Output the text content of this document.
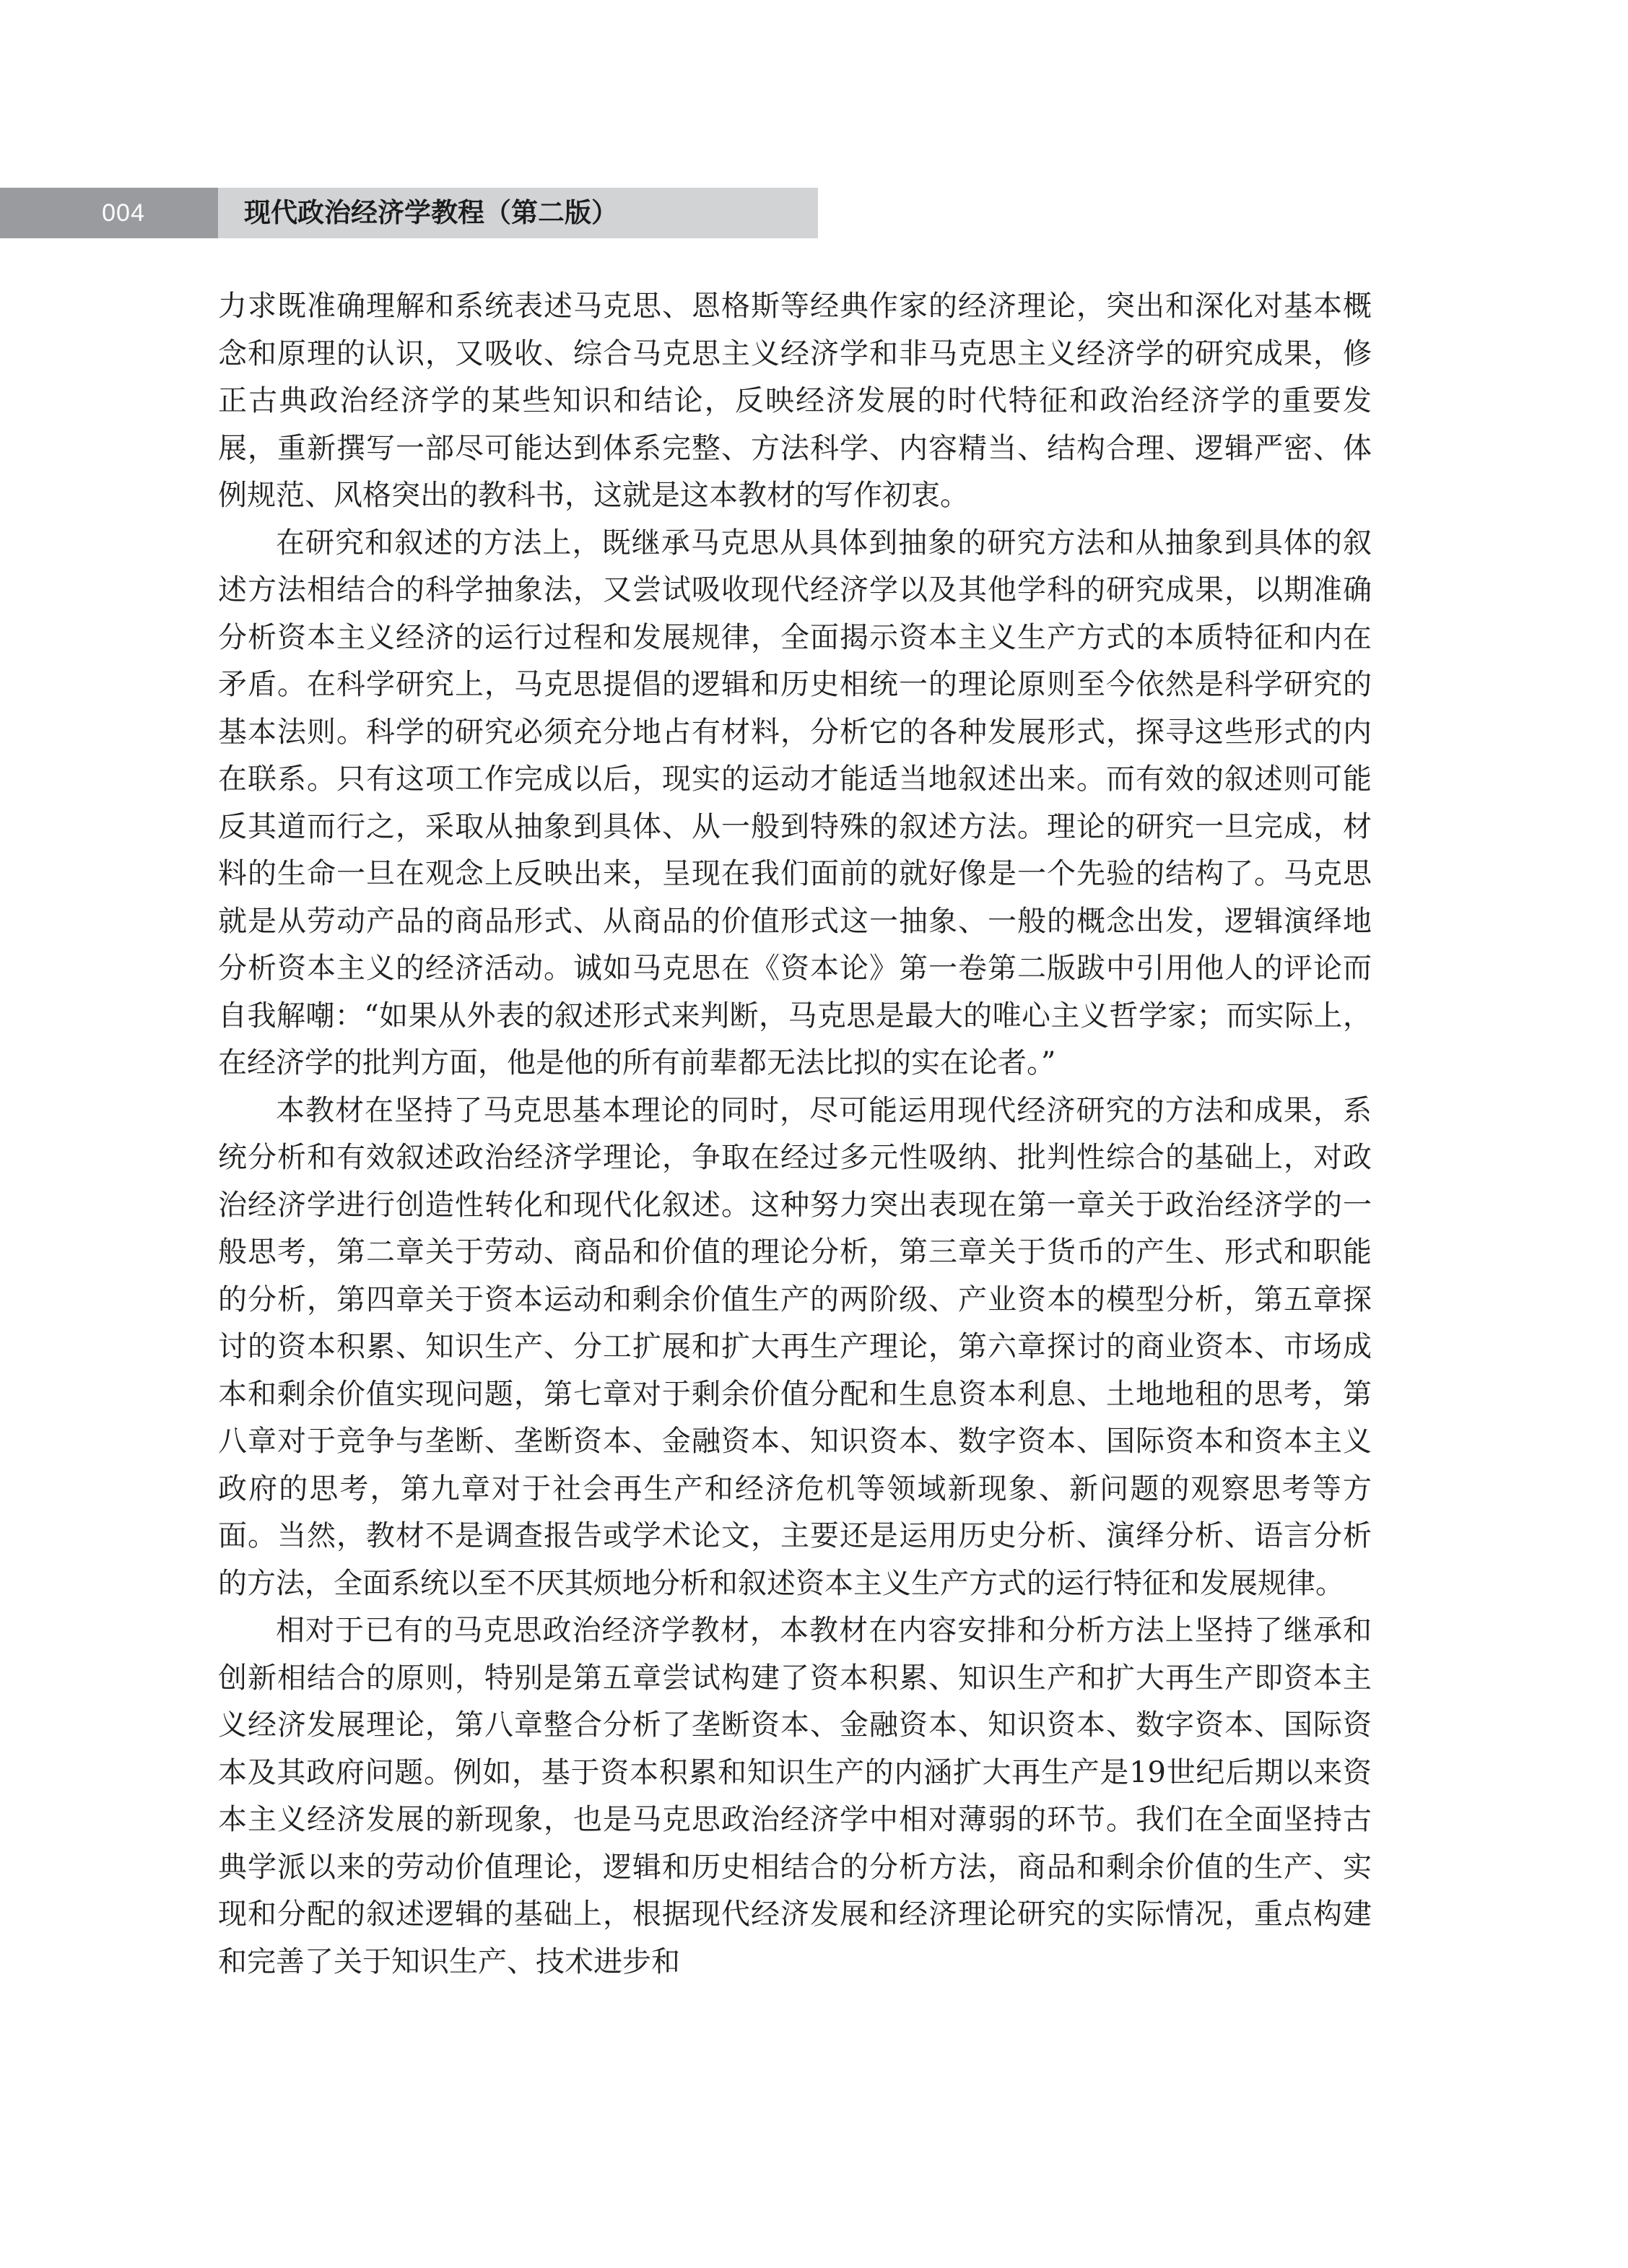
004	现代政治经济学教程（第二版）

力求既准确理解和系统表述马克思、恩格斯等经典作家的经济理论，突出和深化对基本概念和原理的认识，又吸收、综合马克思主义经济学和非马克思主义经济学的研究成果，修正古典政治经济学的某些知识和结论，反映经济发展的时代特征和政治经济学的重要发展，重新撰写一部尽可能达到体系完整、方法科学、内容精当、结构合理、逻辑严密、体例规范、风格突出的教科书，这就是这本教材的写作初衷。

在研究和叙述的方法上，既继承马克思从具体到抽象的研究方法和从抽象到具体的叙述方法相结合的科学抽象法，又尝试吸收现代经济学以及其他学科的研究成果，以期准确分析资本主义经济的运行过程和发展规律，全面揭示资本主义生产方式的本质特征和内在矛盾。在科学研究上，马克思提倡的逻辑和历史相统一的理论原则至今依然是科学研究的基本法则。科学的研究必须充分地占有材料，分析它的各种发展形式，探寻这些形式的内在联系。只有这项工作完成以后，现实的运动才能适当地叙述出来。而有效的叙述则可能反其道而行之，采取从抽象到具体、从一般到特殊的叙述方法。理论的研究一旦完成，材料的生命一旦在观念上反映出来，呈现在我们面前的就好像是一个先验的结构了。马克思就是从劳动产品的商品形式、从商品的价值形式这一抽象、一般的概念出发，逻辑演绎地分析资本主义的经济活动。诚如马克思在《资本论》第一卷第二版跋中引用他人的评论而自我解嘲：“如果从外表的叙述形式来判断，马克思是最大的唯心主义哲学家；而实际上，在经济学的批判方面，他是他的所有前辈都无法比拟的实在论者。”

本教材在坚持了马克思基本理论的同时，尽可能运用现代经济研究的方法和成果，系统分析和有效叙述政治经济学理论，争取在经过多元性吸纳、批判性综合的基础上，对政治经济学进行创造性转化和现代化叙述。这种努力突出表现在第一章关于政治经济学的一般思考，第二章关于劳动、商品和价值的理论分析，第三章关于货币的产生、形式和职能的分析，第四章关于资本运动和剩余价值生产的两阶级、产业资本的模型分析，第五章探讨的资本积累、知识生产、分工扩展和扩大再生产理论，第六章探讨的商业资本、市场成本和剩余价值实现问题，第七章对于剩余价值分配和生息资本利息、土地地租的思考，第八章对于竞争与垄断、垄断资本、金融资本、知识资本、数字资本、国际资本和资本主义政府的思考，第九章对于社会再生产和经济危机等领域新现象、新问题的观察思考等方面。当然，教材不是调查报告或学术论文，主要还是运用历史分析、演绎分析、语言分析的方法，全面系统以至不厌其烦地分析和叙述资本主义生产方式的运行特征和发展规律。

相对于已有的马克思政治经济学教材，本教材在内容安排和分析方法上坚持了继承和创新相结合的原则，特别是第五章尝试构建了资本积累、知识生产和扩大再生产即资本主义经济发展理论，第八章整合分析了垄断资本、金融资本、知识资本、数字资本、国际资本及其政府问题。例如，基于资本积累和知识生产的内涵扩大再生产是19世纪后期以来资本主义经济发展的新现象，也是马克思政治经济学中相对薄弱的环节。我们在全面坚持古典学派以来的劳动价值理论，逻辑和历史相结合的分析方法，商品和剩余价值的生产、实现和分配的叙述逻辑的基础上，根据现代经济发展和经济理论研究的实际情况，重点构建和完善了关于知识生产、技术进步和
